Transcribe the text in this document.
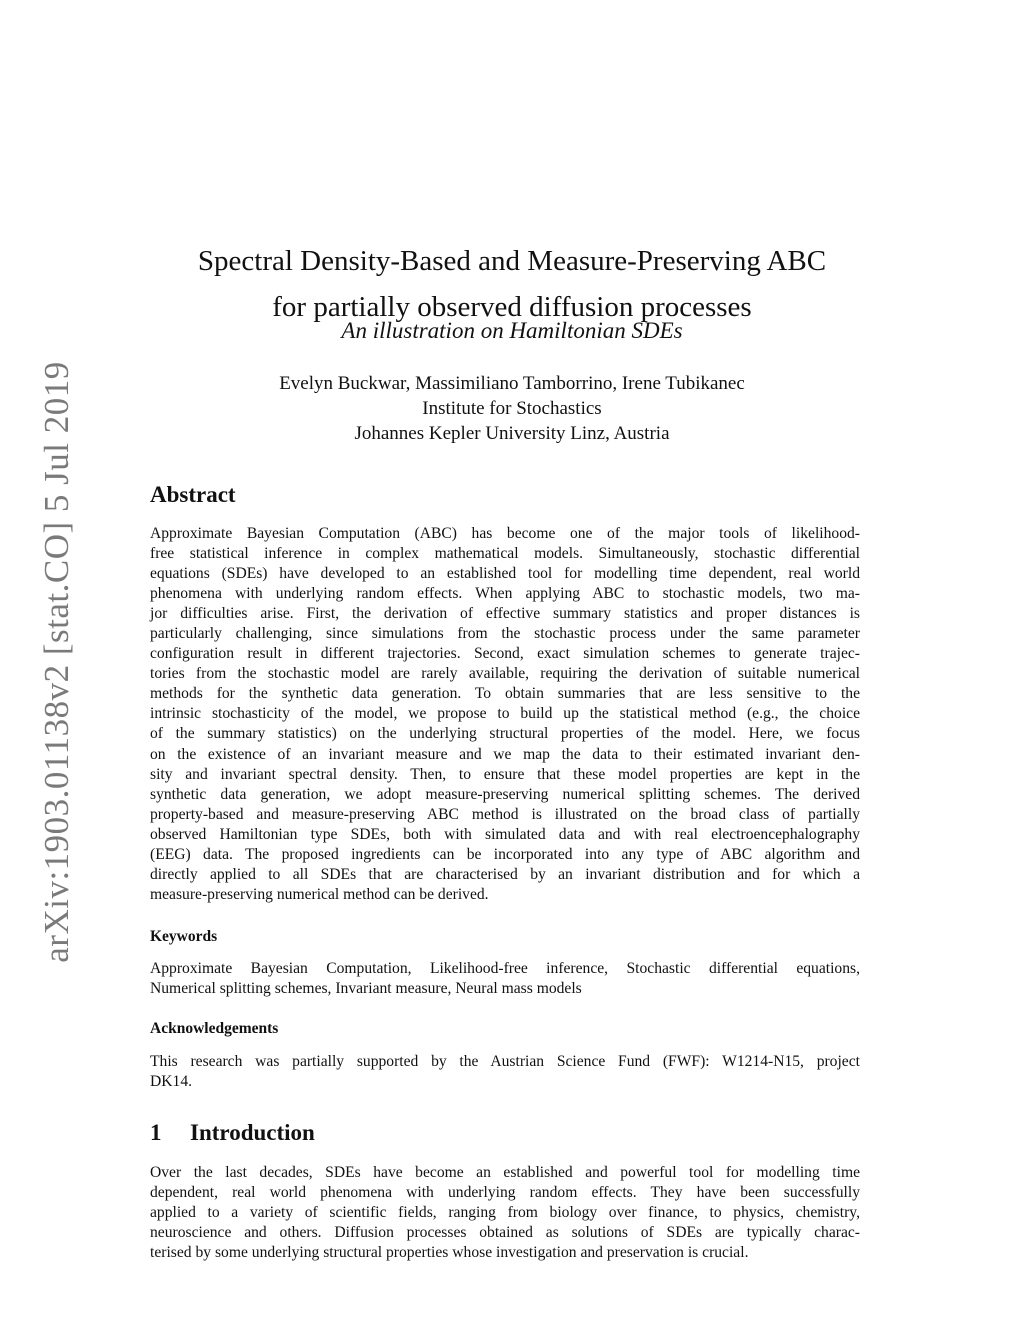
arXiv:1903.01138v2 [stat.CO] 5 Jul 2019
Spectral Density-Based and Measure-Preserving ABC
for partially observed diffusion processes
An illustration on Hamiltonian SDEs
Evelyn Buckwar, Massimiliano Tamborrino, Irene Tubikanec
Institute for Stochastics
Johannes Kepler University Linz, Austria
Abstract
Approximate Bayesian Computation (ABC) has become one of the major tools of likelihood-
free statistical inference in complex mathematical models. Simultaneously, stochastic differential
equations (SDEs) have developed to an established tool for modelling time dependent, real world
phenomena with underlying random effects. When applying ABC to stochastic models, two ma-
jor difficulties arise. First, the derivation of effective summary statistics and proper distances is
particularly challenging, since simulations from the stochastic process under the same parameter
configuration result in different trajectories. Second, exact simulation schemes to generate trajec-
tories from the stochastic model are rarely available, requiring the derivation of suitable numerical
methods for the synthetic data generation. To obtain summaries that are less sensitive to the
intrinsic stochasticity of the model, we propose to build up the statistical method (e.g., the choice
of the summary statistics) on the underlying structural properties of the model. Here, we focus
on the existence of an invariant measure and we map the data to their estimated invariant den-
sity and invariant spectral density. Then, to ensure that these model properties are kept in the
synthetic data generation, we adopt measure-preserving numerical splitting schemes. The derived
property-based and measure-preserving ABC method is illustrated on the broad class of partially
observed Hamiltonian type SDEs, both with simulated data and with real electroencephalography
(EEG) data. The proposed ingredients can be incorporated into any type of ABC algorithm and
directly applied to all SDEs that are characterised by an invariant distribution and for which a
measure-preserving numerical method can be derived.
Keywords
Approximate Bayesian Computation, Likelihood-free inference, Stochastic differential equations,
Numerical splitting schemes, Invariant measure, Neural mass models
Acknowledgements
This research was partially supported by the Austrian Science Fund (FWF): W1214-N15, project
DK14.
1 Introduction
Over the last decades, SDEs have become an established and powerful tool for modelling time
dependent, real world phenomena with underlying random effects. They have been successfully
applied to a variety of scientific fields, ranging from biology over finance, to physics, chemistry,
neuroscience and others. Diffusion processes obtained as solutions of SDEs are typically charac-
terised by some underlying structural properties whose investigation and preservation is crucial.
